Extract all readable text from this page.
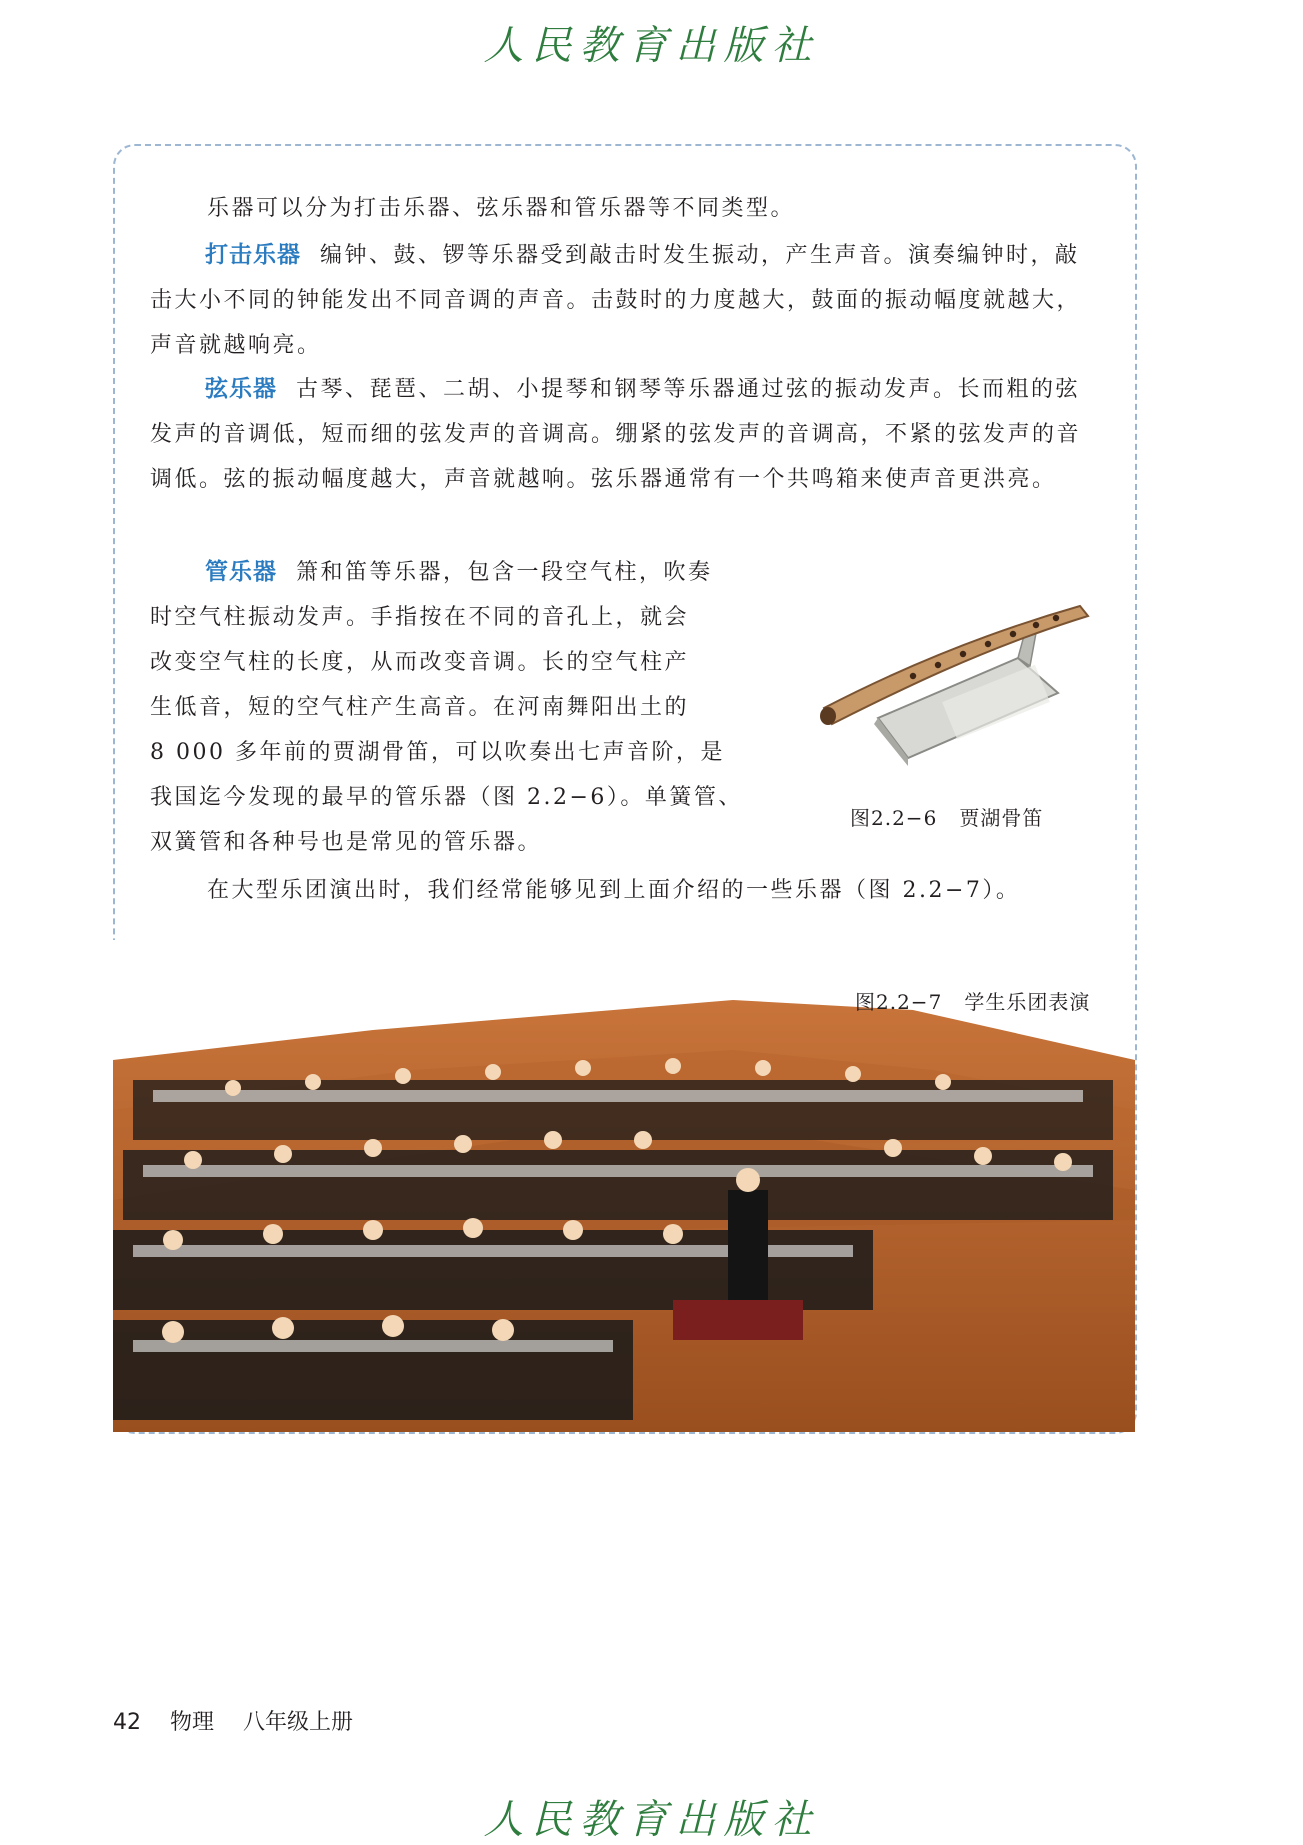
人民教育出版社

乐器可以分为打击乐器、弦乐器和管乐器等不同类型。

打击乐器 编钟、鼓、锣等乐器受到敲击时发生振动，产生声音。演奏编钟时，敲击大小不同的钟能发出不同音调的声音。击鼓时的力度越大，鼓面的振动幅度就越大，声音就越响亮。

弦乐器 古琴、琵琶、二胡、小提琴和钢琴等乐器通过弦的振动发声。长而粗的弦发声的音调低，短而细的弦发声的音调高。绷紧的弦发声的音调高，不紧的弦发声的音调低。弦的振动幅度越大，声音就越响。弦乐器通常有一个共鸣箱来使声音更洪亮。

管乐器 箫和笛等乐器，包含一段空气柱，吹奏
时空气柱振动发声。手指按在不同的音孔上，就会
改变空气柱的长度，从而改变音调。长的空气柱产
生低音，短的空气柱产生高音。在河南舞阳出土的
8 000 多年前的贾湖骨笛，可以吹奏出七声音阶，是
我国迄今发现的最早的管乐器（图 2.2−6）。单簧管、
双簧管和各种号也是常见的管乐器。
图2.2−6 贾湖骨笛

在大型乐团演出时，我们经常能够见到上面介绍的一些乐器（图 2.2−7）。

图2.2−7 学生乐团表演
42 物理 八年级上册
人民教育出版社
